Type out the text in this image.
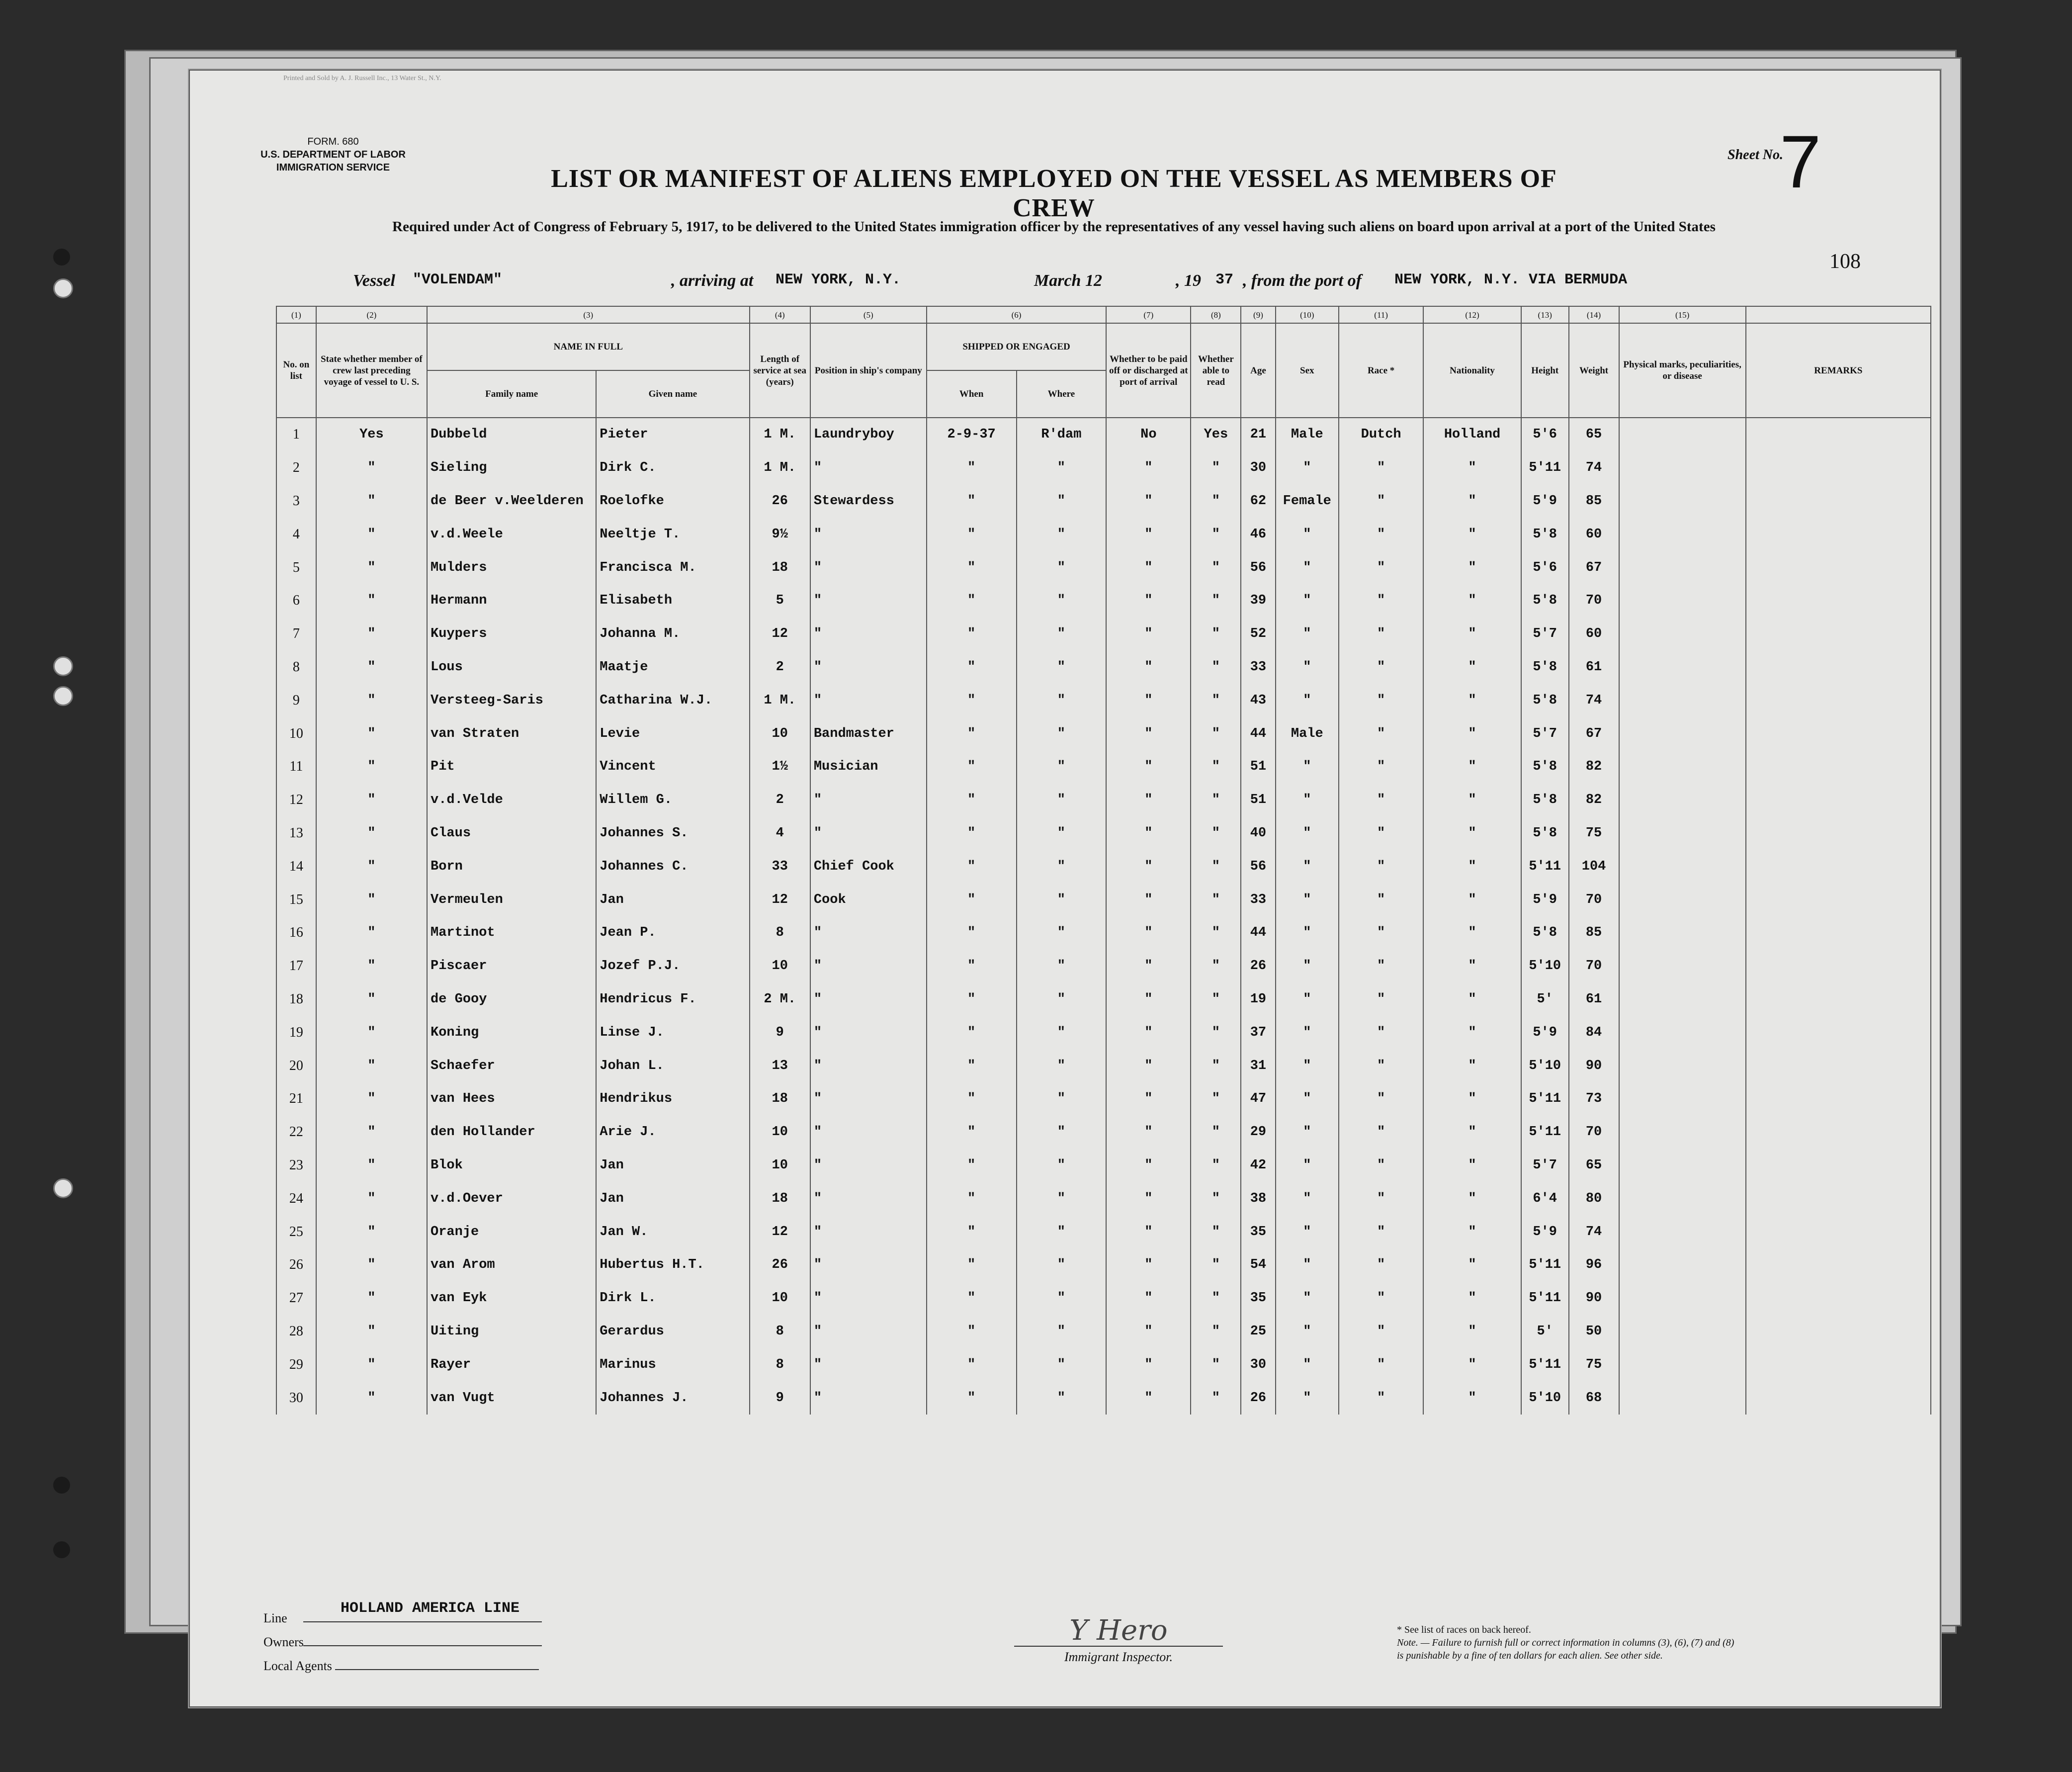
Printed and Sold by A. J. Russell Inc., 13 Water St., N.Y.
FORM. 680
U.S. DEPARTMENT OF LABOR
IMMIGRATION SERVICE	LIST OR MANIFEST OF ALIENS EMPLOYED ON THE VESSEL AS MEMBERS OF CREW
Required under Act of Congress of February 5, 1917, to be delivered to the United States immigration officer by the representatives of any vessel having such aliens on board upon arrival at a port of the United States
Sheet No.
7
108
Vessel "VOLENDAM"	, arriving at NEW YORK, N.Y.	March 12	, 19 37 , from the port of NEW YORK, N.Y. VIA BERMUDA
(1)	(2)	(3)		(4)	(5)	(6)		(7)	(8)	(9)	(10)	(11)	(12)	(13)	(14)	(15)	
No. on list	State whether member of crew last preceding voyage of vessel to U. S.	NAME IN FULL		Length of service at sea (years)	Position in ship's company	SHIPPED OR ENGAGED		Whether to be paid off or discharged at port of arrival	Whether able to read	Age	Sex	Race *	Nationality	Height	Weight	Physical marks, peculiarities, or disease	REMARKS
		Family name	Given name			When	Where										
1	Yes	Dubbeld	Pieter	1 M.	Laundryboy	2-9-37	R'dam	No	Yes	21	Male	Dutch	Holland	5'6	65		
2	"	Sieling	Dirk C.	1 M.	"	"	"	"	"	30	"	"	"	5'11	74		
3	"	de Beer v.Weelderen	Roelofke	26	Stewardess	"	"	"	"	62	Female	"	"	5'9	85		
4	"	v.d.Weele	Neeltje T.	9½	"	"	"	"	"	46	"	"	"	5'8	60		
5	"	Mulders	Francisca M.	18	"	"	"	"	"	56	"	"	"	5'6	67		
6	"	Hermann	Elisabeth	5	"	"	"	"	"	39	"	"	"	5'8	70		
7	"	Kuypers	Johanna M.	12	"	"	"	"	"	52	"	"	"	5'7	60		
8	"	Lous	Maatje	2	"	"	"	"	"	33	"	"	"	5'8	61		
9	"	Versteeg-Saris	Catharina W.J.	1 M.	"	"	"	"	"	43	"	"	"	5'8	74		
10	"	van Straten	Levie	10	Bandmaster	"	"	"	"	44	Male	"	"	5'7	67		
11	"	Pit	Vincent	1½	Musician	"	"	"	"	51	"	"	"	5'8	82		
12	"	v.d.Velde	Willem G.	2	"	"	"	"	"	51	"	"	"	5'8	82		
13	"	Claus	Johannes S.	4	"	"	"	"	"	40	"	"	"	5'8	75		
14	"	Born	Johannes C.	33	Chief Cook	"	"	"	"	56	"	"	"	5'11	104		
15	"	Vermeulen	Jan	12	Cook	"	"	"	"	33	"	"	"	5'9	70		
16	"	Martinot	Jean P.	8	"	"	"	"	"	44	"	"	"	5'8	85		
17	"	Piscaer	Jozef P.J.	10	"	"	"	"	"	26	"	"	"	5'10	70		
18	"	de Gooy	Hendricus F.	2 M.	"	"	"	"	"	19	"	"	"	5'	61		
19	"	Koning	Linse J.	9	"	"	"	"	"	37	"	"	"	5'9	84		
20	"	Schaefer	Johan L.	13	"	"	"	"	"	31	"	"	"	5'10	90		
21	"	van Hees	Hendrikus	18	"	"	"	"	"	47	"	"	"	5'11	73		
22	"	den Hollander	Arie J.	10	"	"	"	"	"	29	"	"	"	5'11	70		
23	"	Blok	Jan	10	"	"	"	"	"	42	"	"	"	5'7	65		
24	"	v.d.Oever	Jan	18	"	"	"	"	"	38	"	"	"	6'4	80		
25	"	Oranje	Jan W.	12	"	"	"	"	"	35	"	"	"	5'9	74		
26	"	van Arom	Hubertus H.T.	26	"	"	"	"	"	54	"	"	"	5'11	96		
27	"	van Eyk	Dirk L.	10	"	"	"	"	"	35	"	"	"	5'11	90		
28	"	Uiting	Gerardus	8	"	"	"	"	"	25	"	"	"	5'	50		
29	"	Rayer	Marinus	8	"	"	"	"	"	30	"	"	"	5'11	75		
30	"	van Vugt	Johannes J.	9	"	"	"	"	"	26	"	"	"	5'10	68		
Line
HOLLAND AMERICA LINE
Owners
Local Agents
Y Hero
Immigrant Inspector.
* See list of races on back hereof.
Note. — Failure to furnish full or correct information in columns (3), (6), (7) and (8)
is punishable by a fine of ten dollars for each alien. See other side.
